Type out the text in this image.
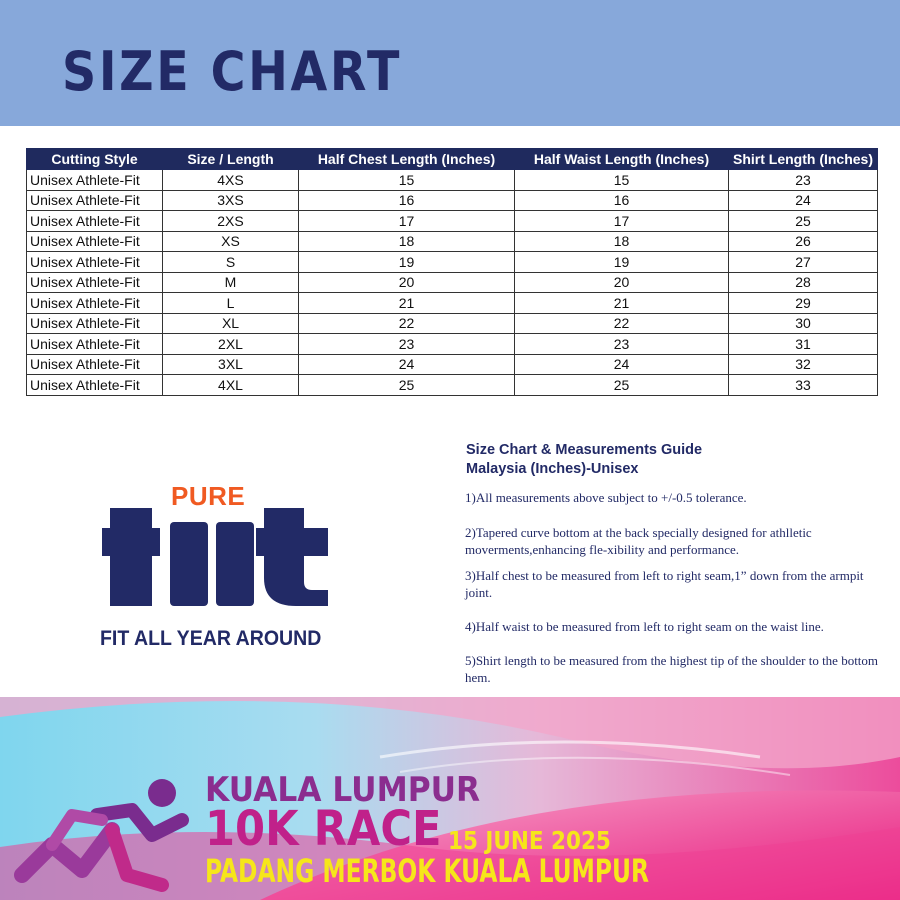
SIZE CHART
Cutting Style	Size / Length	Half Chest Length (Inches)	Half Waist Length (Inches)	Shirt Length (Inches)
Unisex Athlete-Fit	4XS	15	15	23
Unisex Athlete-Fit	3XS	16	16	24
Unisex Athlete-Fit	2XS	17	17	25
Unisex Athlete-Fit	XS	18	18	26
Unisex Athlete-Fit	S	19	19	27
Unisex Athlete-Fit	M	20	20	28
Unisex Athlete-Fit	L	21	21	29
Unisex Athlete-Fit	XL	22	22	30
Unisex Athlete-Fit	2XL	23	23	31
Unisex Athlete-Fit	3XL	24	24	32
Unisex Athlete-Fit	4XL	25	25	33
PURE
FIT ALL YEAR AROUND
Size Chart & Measurements Guide
Malaysia (Inches)-Unisex
1)All measurements above subject to +/-0.5 tolerance.
2)Tapered curve bottom at the back specially designed for athlletic moverments,enhancing fle-xibility and performance.
3)Half chest to be measured from left to right seam,1” down from the armpit joint.
4)Half waist to be measured from left to right seam on the waist line.
5)Shirt length to be measured from the highest tip of the shoulder to the bottom hem.
KUALA LUMPUR
10K RACE 15 JUNE 2025
PADANG MERBOK KUALA LUMPUR
